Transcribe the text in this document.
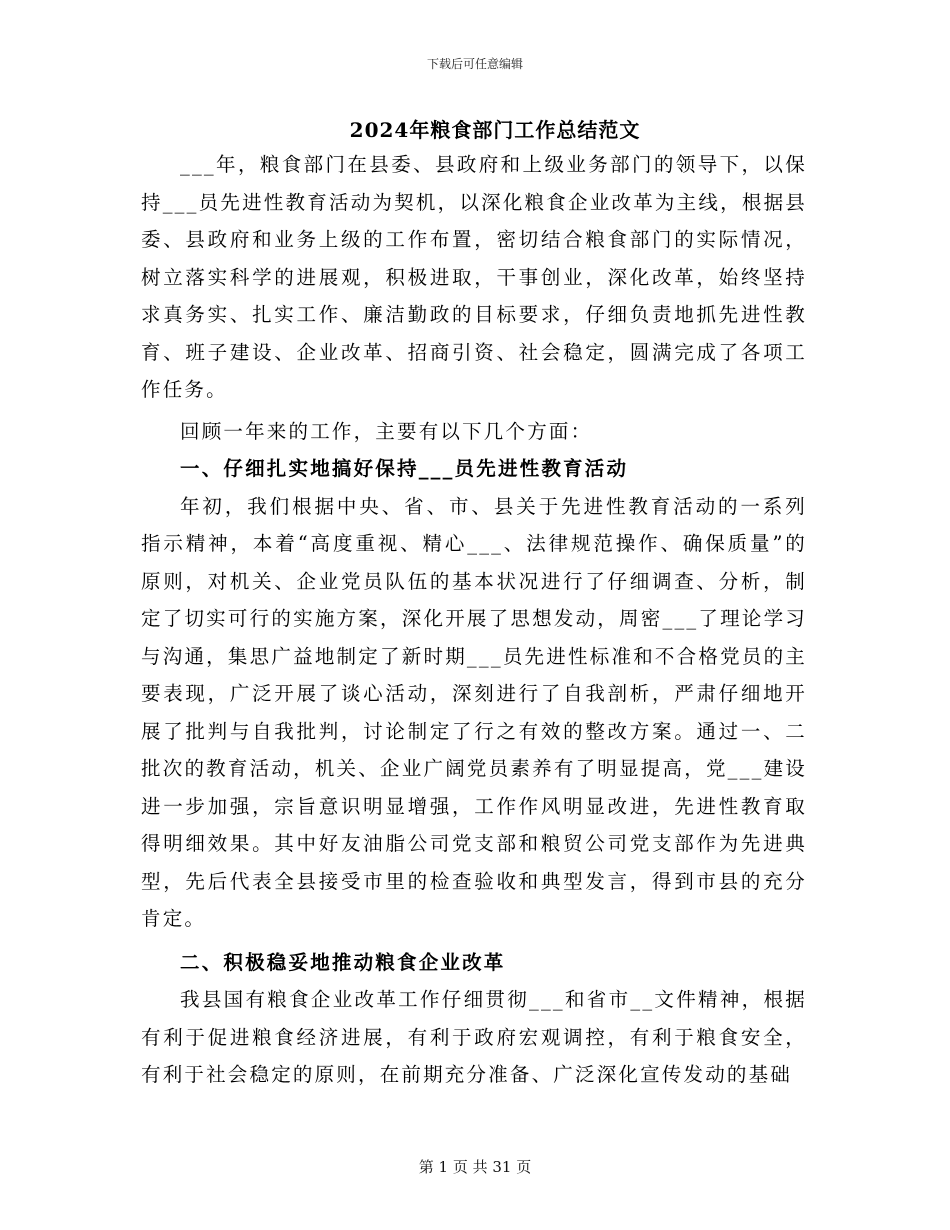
下载后可任意编辑
2024年粮食部门工作总结范文

___年，粮食部门在县委、县政府和上级业务部门的领导下，以保持___员先进性教育活动为契机，以深化粮食企业改革为主线，根据县委、县政府和业务上级的工作布置，密切结合粮食部门的实际情况，树立落实科学的进展观，积极进取，干事创业，深化改革，始终坚持求真务实、扎实工作、廉洁勤政的目标要求，仔细负责地抓先进性教育、班子建设、企业改革、招商引资、社会稳定，圆满完成了各项工作任务。

回顾一年来的工作，主要有以下几个方面：

一、仔细扎实地搞好保持___员先进性教育活动

年初，我们根据中央、省、市、县关于先进性教育活动的一系列指示精神，本着“高度重视、精心___、法律规范操作、确保质量”的原则，对机关、企业党员队伍的基本状况进行了仔细调查、分析，制定了切实可行的实施方案，深化开展了思想发动，周密___了理论学习与沟通，集思广益地制定了新时期___员先进性标准和不合格党员的主要表现，广泛开展了谈心活动，深刻进行了自我剖析，严肃仔细地开展了批判与自我批判，讨论制定了行之有效的整改方案。通过一、二批次的教育活动，机关、企业广阔党员素养有了明显提高，党___建设进一步加强，宗旨意识明显增强，工作作风明显改进，先进性教育取得明细效果。其中好友油脂公司党支部和粮贸公司党支部作为先进典型，先后代表全县接受市里的检查验收和典型发言，得到市县的充分肯定。

二、积极稳妥地推动粮食企业改革

我县国有粮食企业改革工作仔细贯彻___和省市__文件精神，根据有利于促进粮食经济进展，有利于政府宏观调控，有利于粮食安全，有利于社会稳定的原则，在前期充分准备、广泛深化宣传发动的基础

第 1 页 共 31 页
